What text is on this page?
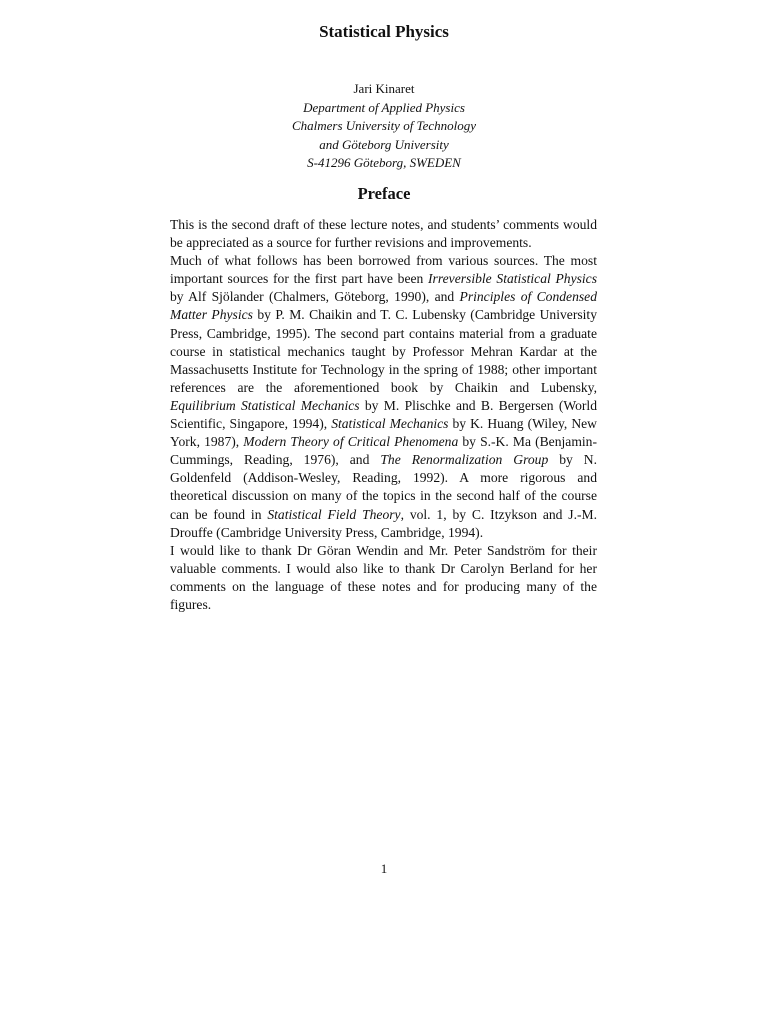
Statistical Physics
Jari Kinaret
Department of Applied Physics
Chalmers University of Technology
and Göteborg University
S-41296 Göteborg, SWEDEN
Preface

This is the second draft of these lecture notes, and students’ comments would be appreciated as a source for further revisions and improvements.

Much of what follows has been borrowed from various sources. The most important sources for the first part have been Irreversible Statistical Physics by Alf Sjölander (Chalmers, Göteborg, 1990), and Principles of Condensed Matter Physics by P. M. Chaikin and T. C. Lubensky (Cambridge University Press, Cambridge, 1995). The second part contains material from a graduate course in statistical mechanics taught by Professor Mehran Kardar at the Massachusetts Institute for Technology in the spring of 1988; other important references are the aforementioned book by Chaikin and Lubensky, Equilibrium Statistical Mechanics by M. Plischke and B. Bergersen (World Scientific, Singapore, 1994), Statistical Mechanics by K. Huang (Wiley, New York, 1987), Modern Theory of Critical Phenomena by S.-K. Ma (Benjamin-Cummings, Reading, 1976), and The Renormalization Group by N. Goldenfeld (Addison-Wesley, Reading, 1992). A more rigorous and theoretical discussion on many of the topics in the second half of the course can be found in Statistical Field Theory, vol. 1, by C. Itzykson and J.-M. Drouffe (Cambridge University Press, Cambridge, 1994).

I would like to thank Dr Göran Wendin and Mr. Peter Sandström for their valuable comments. I would also like to thank Dr Carolyn Berland for her comments on the language of these notes and for producing many of the figures.

1
